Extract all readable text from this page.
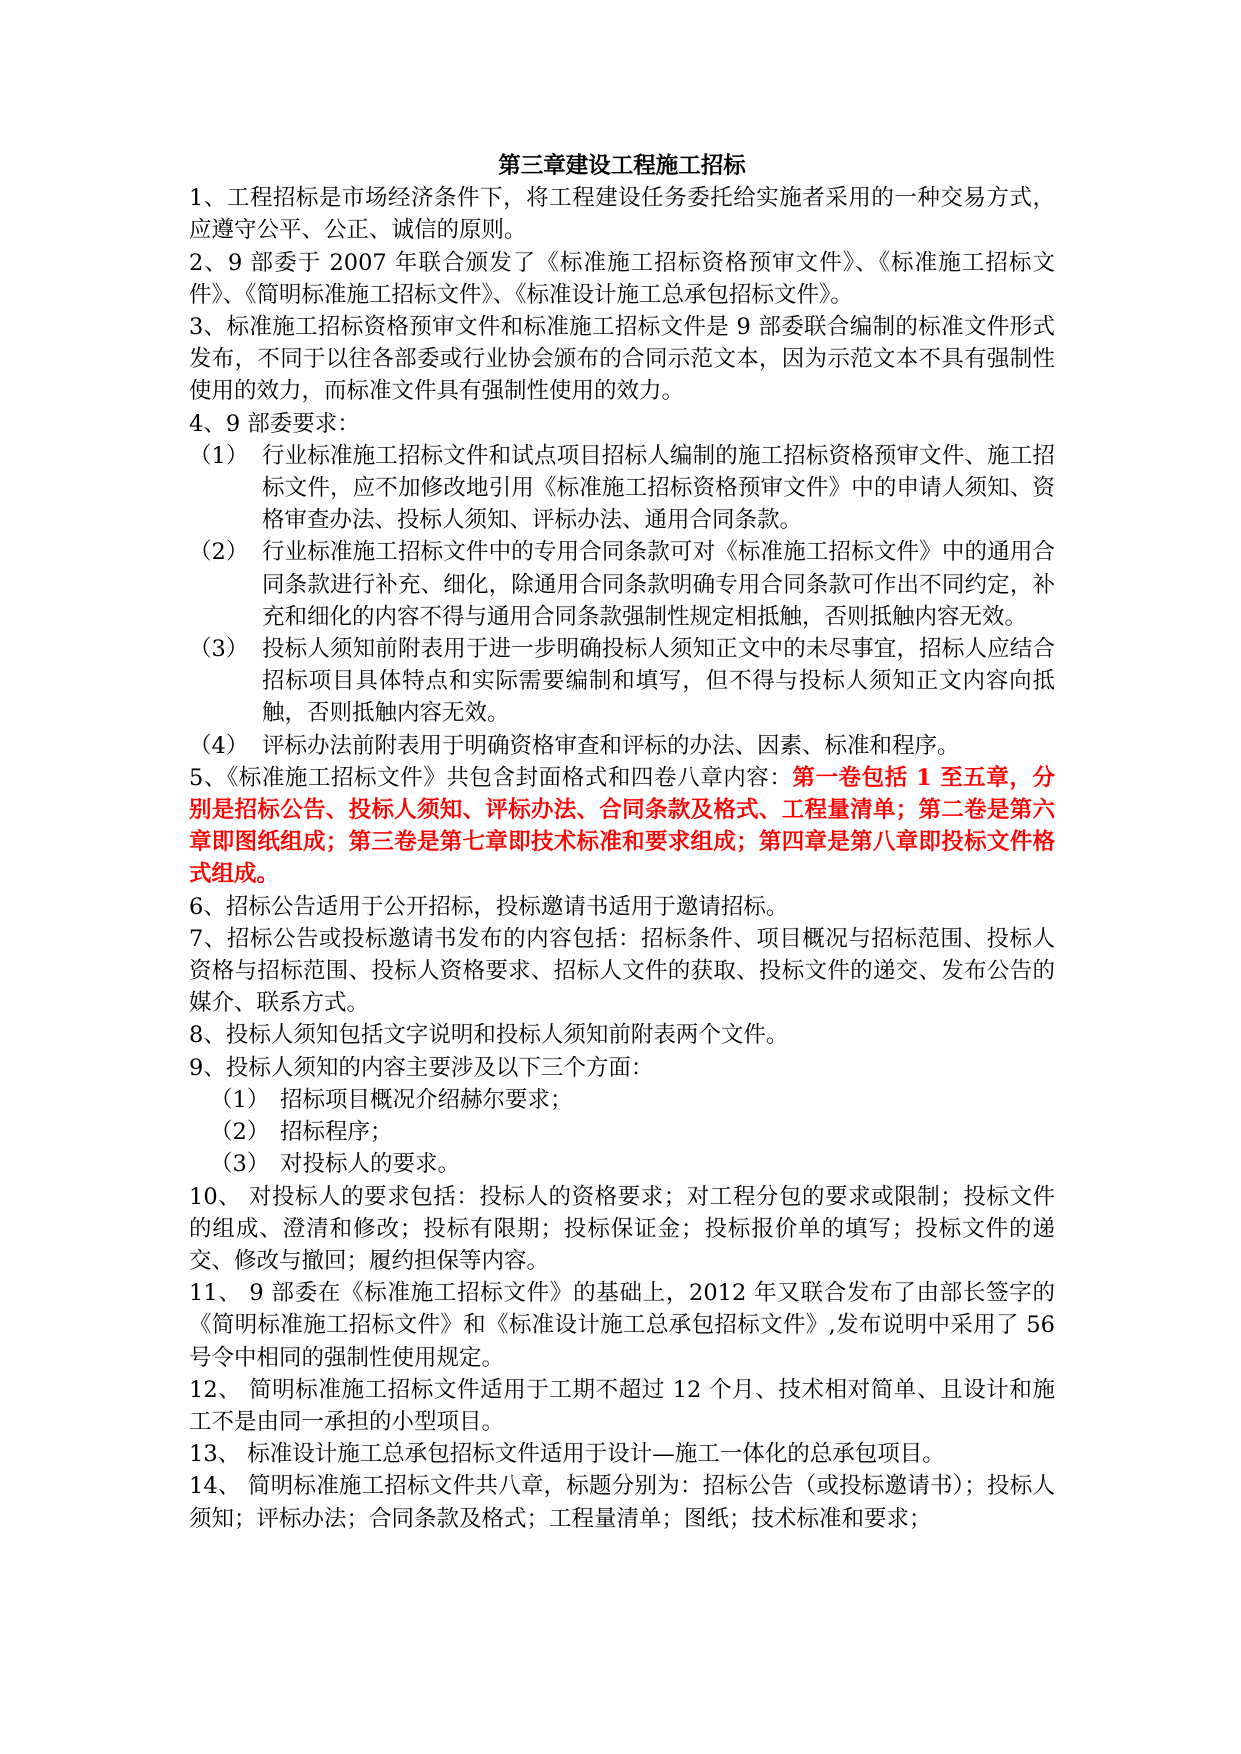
第三章建设工程施工招标

1、工程招标是市场经济条件下，将工程建设任务委托给实施者采用的一种交易方式，应遵守公平、公正、诚信的原则。

2、9 部委于 2007 年联合颁发了《标准施工招标资格预审文件》、《标准施工招标文件》、《简明标准施工招标文件》、《标准设计施工总承包招标文件》。

3、标准施工招标资格预审文件和标准施工招标文件是 9 部委联合编制的标准文件形式发布，不同于以往各部委或行业协会颁布的合同示范文本，因为示范文本不具有强制性使用的效力，而标准文件具有强制性使用的效力。

4、9 部委要求：

（1） 行业标准施工招标文件和试点项目招标人编制的施工招标资格预审文件、施工招标文件，应不加修改地引用《标准施工招标资格预审文件》中的申请人须知、资格审查办法、投标人须知、评标办法、通用合同条款。
（2） 行业标准施工招标文件中的专用合同条款可对《标准施工招标文件》中的通用合同条款进行补充、细化，除通用合同条款明确专用合同条款可作出不同约定，补充和细化的内容不得与通用合同条款强制性规定相抵触，否则抵触内容无效。
（3） 投标人须知前附表用于进一步明确投标人须知正文中的未尽事宜，招标人应结合招标项目具体特点和实际需要编制和填写，但不得与投标人须知正文内容向抵触，否则抵触内容无效。
（4） 评标办法前附表用于明确资格审查和评标的办法、因素、标准和程序。

5、《标准施工招标文件》共包含封面格式和四卷八章内容：第一卷包括 1 至五章，分别是招标公告、投标人须知、评标办法、合同条款及格式、工程量清单；第二卷是第六章即图纸组成；第三卷是第七章即技术标准和要求组成；第四章是第八章即投标文件格式组成。

6、招标公告适用于公开招标，投标邀请书适用于邀请招标。

7、招标公告或投标邀请书发布的内容包括：招标条件、项目概况与招标范围、投标人资格与招标范围、投标人资格要求、招标人文件的获取、投标文件的递交、发布公告的媒介、联系方式。

8、投标人须知包括文字说明和投标人须知前附表两个文件。

9、投标人须知的内容主要涉及以下三个方面：

（1） 招标项目概况介绍赫尔要求；
（2） 招标程序；
（3） 对投标人的要求。

10、 对投标人的要求包括：投标人的资格要求；对工程分包的要求或限制；投标文件的组成、澄清和修改；投标有限期；投标保证金；投标报价单的填写；投标文件的递交、修改与撤回；履约担保等内容。

11、 9 部委在《标准施工招标文件》的基础上，2012 年又联合发布了由部长签字的《简明标准施工招标文件》和《标准设计施工总承包招标文件》,发布说明中采用了 56 号令中相同的强制性使用规定。

12、 简明标准施工招标文件适用于工期不超过 12 个月、技术相对简单、且设计和施工不是由同一承担的小型项目。

13、 标准设计施工总承包招标文件适用于设计—施工一体化的总承包项目。

14、 简明标准施工招标文件共八章，标题分别为：招标公告（或投标邀请书）；投标人须知；评标办法；合同条款及格式；工程量清单；图纸；技术标准和要求；
